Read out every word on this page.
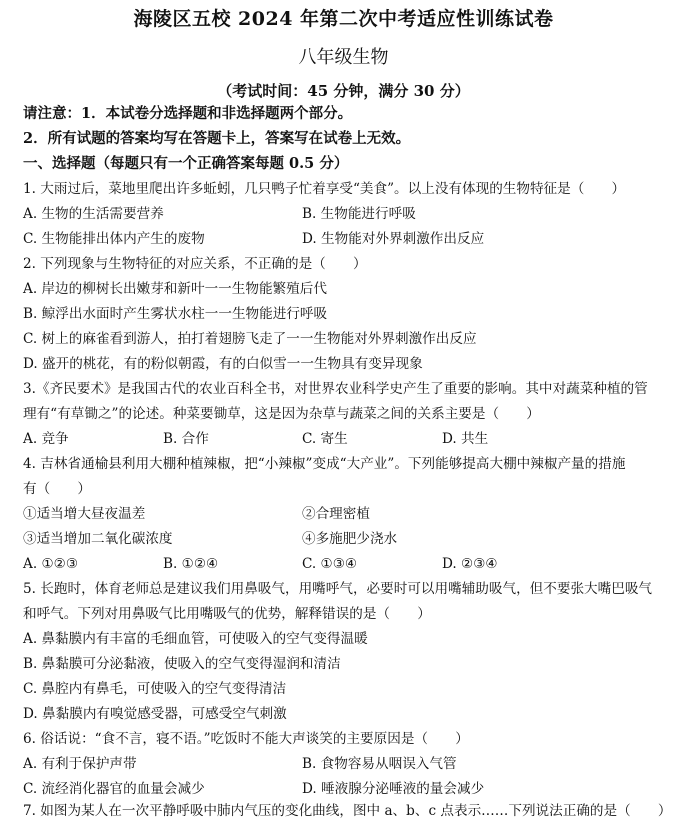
海陵区五校 2024 年第二次中考适应性训练试卷
八年级生物
（考试时间：45 分钟，满分 30 分）
请注意：1．本试卷分选择题和非选择题两个部分。
2．所有试题的答案均写在答题卡上，答案写在试卷上无效。
一、选择题（每题只有一个正确答案每题 0.5 分）
1. 大雨过后，菜地里爬出许多蚯蚓，几只鸭子忙着享受“美食”。以上没有体现的生物特征是（　　）
A. 生物的生活需要营养	B. 生物能进行呼吸
C. 生物能排出体内产生的废物	D. 生物能对外界刺激作出反应
2. 下列现象与生物特征的对应关系，不正确的是（　　）
A. 岸边的柳树长出嫩芽和新叶一一生物能繁殖后代
B. 鲸浮出水面时产生雾状水柱一一生物能进行呼吸
C. 树上的麻雀看到游人，拍打着翅膀飞走了一一生物能对外界刺激作出反应
D. 盛开的桃花，有的粉似朝霞，有的白似雪一一生物具有变异现象
3.《齐民要术》是我国古代的农业百科全书，对世界农业科学史产生了重要的影响。其中对蔬菜种植的管
理有“有草锄之”的论述。种菜要锄草，这是因为杂草与蔬菜之间的关系主要是（　　）
A. 竞争	B. 合作	C. 寄生	D. 共生
4. 吉林省通榆县利用大棚种植辣椒，把“小辣椒”变成“大产业”。下列能够提高大棚中辣椒产量的措施
有（　　）
①适当增大昼夜温差	②合理密植
③适当增加二氧化碳浓度	④多施肥少浇水
A. ①②③	B. ①②④	C. ①③④	D. ②③④
5. 长跑时，体育老师总是建议我们用鼻吸气，用嘴呼气，必要时可以用嘴辅助吸气，但不要张大嘴巴吸气
和呼气。下列对用鼻吸气比用嘴吸气的优势，解释错误的是（　　）
A. 鼻黏膜内有丰富的毛细血管，可使吸入的空气变得温暖
B. 鼻黏膜可分泌黏液，使吸入的空气变得湿润和清洁
C. 鼻腔内有鼻毛，可使吸入的空气变得清洁
D. 鼻黏膜内有嗅觉感受器，可感受空气刺激
6. 俗话说：“食不言，寝不语。”吃饭时不能大声谈笑的主要原因是（　　）
A. 有利于保护声带	B. 食物容易从咽误入气管
C. 流经消化器官的血量会减少	D. 唾液腺分泌唾液的量会减少
7. 如图为某人在一次平静呼吸中肺内气压的变化曲线，图中 a、b、c 点表示……下列说法正确的是（　　）
